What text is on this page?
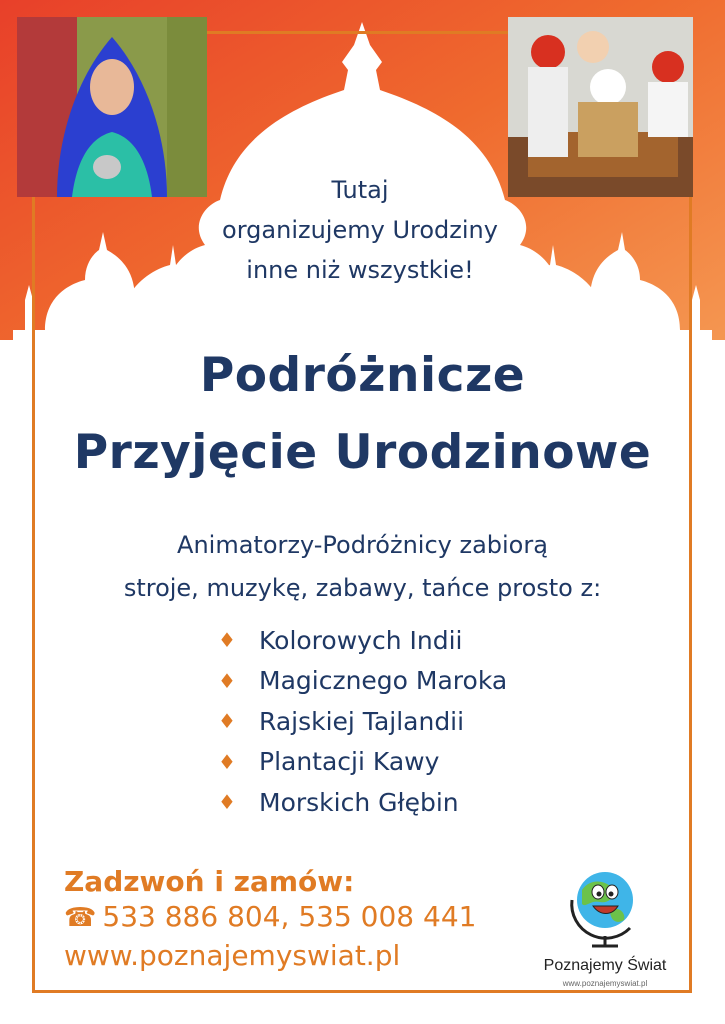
Tutaj
organizujemy Urodziny
inne niż wszystkie!
Podróżnicze
Przyjęcie Urodzinowe
Animatorzy-Podróżnicy zabiorą
stroje, muzykę, zabawy, tańce prosto z:
♦ Kolorowych Indii
♦ Magicznego Maroka
♦ Rajskiej Tajlandii
♦ Plantacji Kawy
♦ Morskich Głębin
Zadzwoń i zamów:
☎ 533 886 804, 535 008 441
www.poznajemyswiat.pl	Poznajemy Świat
www.poznajemyswiat.pl
